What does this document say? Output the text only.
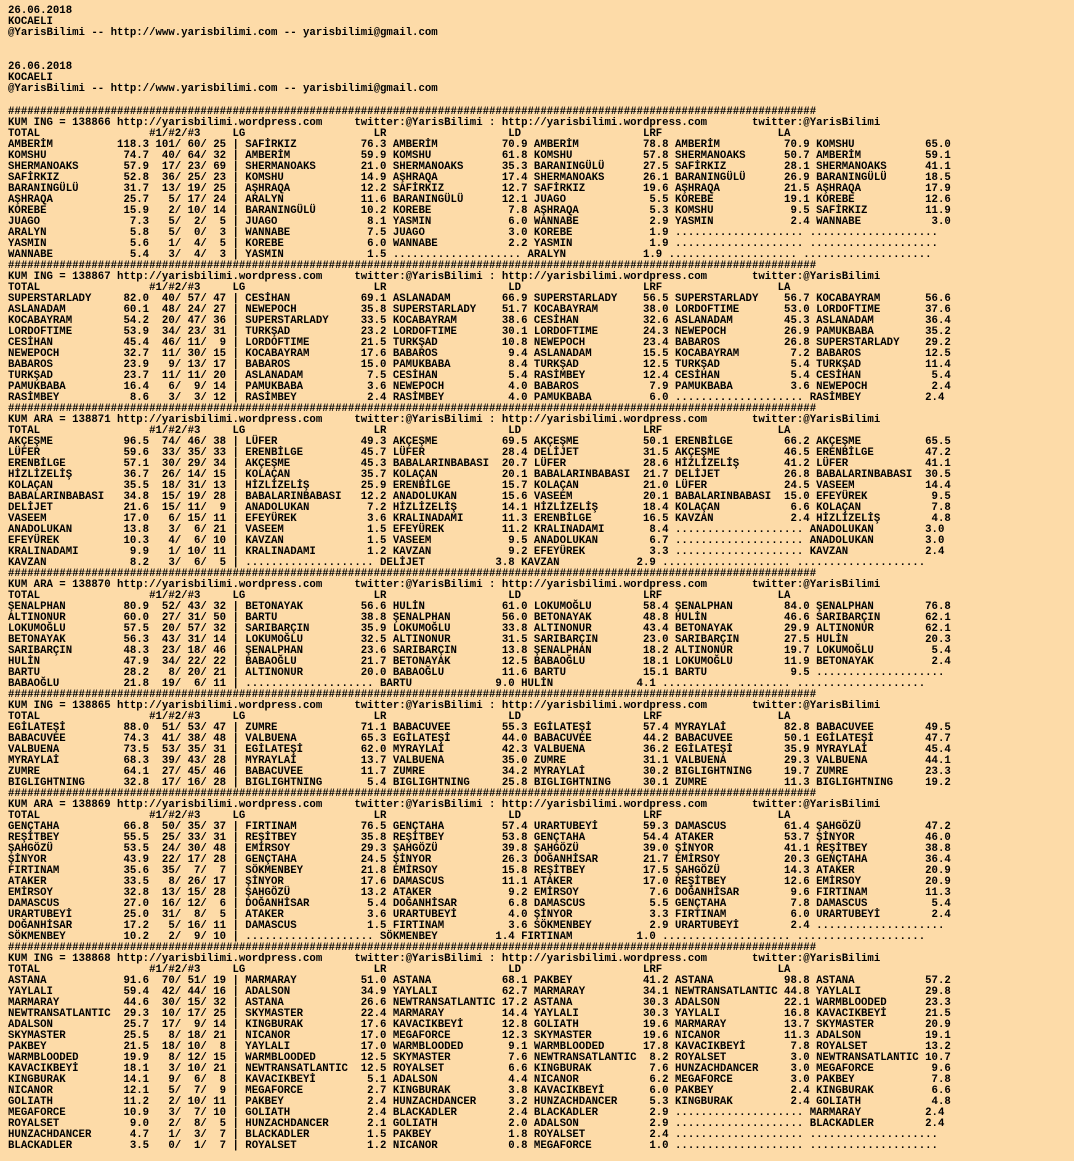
26.06.2018
KOCAELI
@YarisBilimi -- http://www.yarisbilimi.com -- yarisbilimi@gmail.com
26.06.2018
KOCAELI
@YarisBilimi -- http://www.yarisbilimi.com -- yarisbilimi@gmail.com
##############################################################################################################################
KUM ING = 138866 http://yarisbilimi.wordpress.com     twitter:@YarisBilimi : http://yarisbilimi.wordpress.com       twitter:@YarisBilimi
TOTAL                 #1/#2/#3     LG                    LR                   LD                   LRF                  LA
AMBERİM          118.3 101/ 60/ 25 | SAFİRKIZ          76.3 AMBERİM          70.9 AMBERİM          78.8 AMBERİM          70.9 KOMSHU           65.0
KOMSHU            74.7  40/ 64/ 32 | AMBERİM           59.9 KOMSHU           61.8 KOMSHU           57.8 SHERMANOAKS      50.7 AMBERİM          59.1
SHERMANOAKS       57.9  17/ 23/ 69 | SHERMANOAKS       21.0 SHERMANOAKS      35.3 BARANINGÜLÜ      27.5 SAFİRKIZ         28.1 SHERMANOAKS      41.1
SAFİRKIZ          52.8  36/ 25/ 23 | KOMSHU            14.9 AŞHRAQA          17.4 SHERMANOAKS      26.1 BARANINGÜLÜ      26.9 BARANINGÜLÜ      18.5
BARANINGÜLÜ       31.7  13/ 19/ 25 | AŞHRAQA           12.2 SAFİRKIZ         12.7 SAFİRKIZ         19.6 AŞHRAQA          21.5 AŞHRAQA          17.9
AŞHRAQA           25.7   5/ 17/ 24 | ARALYN            11.6 BARANINGÜLÜ      12.1 JUAGO             5.5 KOREBE           19.1 KOREBE           12.6
KOREBE            15.9   2/ 10/ 14 | BARANINGÜLÜ       10.2 KOREBE            7.8 AŞHRAQA           5.3 KOMSHU            9.5 SAFİRKIZ         11.9
JUAGO              7.3   5/  2/  5 | JUAGO              8.1 YASMIN            6.0 WANNABE           2.9 YASMIN            2.4 WANNABE           3.0
ARALYN             5.8   5/  0/  3 | WANNABE            7.5 JUAGO             3.0 KOREBE            1.9 .................... ....................
YASMIN             5.6   1/  4/  5 | KOREBE             6.0 WANNABE           2.2 YASMIN            1.9 .................... ....................
WANNABE            5.4   3/  4/  3 | YASMIN             1.5 .................... ARALYN            1.9 .................... ....................
##############################################################################################################################
KUM ING = 138867 http://yarisbilimi.wordpress.com     twitter:@YarisBilimi : http://yarisbilimi.wordpress.com       twitter:@YarisBilimi
TOTAL                 #1/#2/#3     LG                    LR                   LD                   LRF                  LA
SUPERSTARLADY     82.0  40/ 57/ 47 | CESİHAN           69.1 ASLANADAM        66.9 SUPERSTARLADY    56.5 SUPERSTARLADY    56.7 KOCABAYRAM       56.6
ASLANADAM         60.1  48/ 24/ 27 | NEWEPOCH          35.8 SUPERSTARLADY    51.7 KOCABAYRAM       38.0 LORDOFTIME       53.0 LORDOFTIME       37.6
KOCABAYRAM        54.2  20/ 47/ 36 | SUPERSTARLADY     33.5 KOCABAYRAM       38.6 CESİHAN          32.6 ASLANADAM        45.3 ASLANADAM        36.4
LORDOFTIME        53.9  34/ 23/ 31 | TURKŞAD           23.2 LORDOFTIME       30.1 LORDOFTIME       24.3 NEWEPOCH         26.9 PAMUKBABA        35.2
CESİHAN           45.4  46/ 11/  9 | LORDOFTIME        21.5 TURKŞAD          10.8 NEWEPOCH         23.4 BABAROS          26.8 SUPERSTARLADY    29.2
NEWEPOCH          32.7  11/ 30/ 15 | KOCABAYRAM        17.6 BABAROS           9.4 ASLANADAM        15.5 KOCABAYRAM        7.2 BABAROS          12.5
BABAROS           23.9   9/ 13/ 17 | BABAROS           15.0 PAMUKBABA         8.4 TURKŞAD          12.5 TURKŞAD           5.4 TURKŞAD          11.4
TURKŞAD           23.7  11/ 11/ 20 | ASLANADAM          7.5 CESİHAN           5.4 RASİMBEY         12.4 CESİHAN           5.4 CESİHAN           5.4
PAMUKBABA         16.4   6/  9/ 14 | PAMUKBABA          3.6 NEWEPOCH          4.0 BABAROS           7.9 PAMUKBABA         3.6 NEWEPOCH          2.4
RASİMBEY           8.6   3/  3/ 12 | RASİMBEY           2.4 RASİMBEY          4.0 PAMUKBABA         6.0 .................... RASİMBEY          2.4
##############################################################################################################################
KUM ARA = 138871 http://yarisbilimi.wordpress.com     twitter:@YarisBilimi : http://yarisbilimi.wordpress.com       twitter:@YarisBilimi
TOTAL                 #1/#2/#3     LG                    LR                   LD                   LRF                  LA
AKÇEŞME           96.5  74/ 46/ 38 | LÜFER             49.3 AKÇEŞME          69.5 AKÇEŞME          50.1 ERENBİLGE        66.2 AKÇEŞME          65.5
LÜFER             59.6  33/ 35/ 33 | ERENBİLGE         45.7 LÜFER            28.4 DELİJET          31.5 AKÇEŞME          46.5 ERENBİLGE        47.2
ERENBİLGE         57.1  30/ 29/ 34 | AKÇEŞME           45.3 BABALARINBABASI  20.7 LÜFER            28.6 HİZLİZELİŞ       41.2 LÜFER            41.1
HİZLİZELİŞ        36.7  26/ 14/ 15 | KOLAÇAN           35.7 KOLAÇAN          20.1 BABALARINBABASI  21.7 DELİJET          26.8 BABALARINBABASI  30.5
KOLAÇAN           35.5  18/ 31/ 13 | HİZLİZELİŞ        25.9 ERENBİLGE        15.7 KOLAÇAN          21.0 LÜFER            24.5 VASEEM           14.4
BABALARINBABASI   34.8  15/ 19/ 28 | BABALARINBABASI   12.2 ANADOLUKAN       15.6 VASEEM           20.1 BABALARINBABASI  15.0 EFEYÜREK          9.5
DELİJET           21.6  15/ 11/  9 | ANADOLUKAN         7.2 HİZLİZELİŞ       14.1 HİZLİZELİŞ       18.4 KOLAÇAN           6.6 KOLAÇAN           7.8
VASEEM            17.0   6/ 15/ 11 | EFEYÜREK           3.6 KRALINADAMI      11.3 ERENBİLGE        16.5 KAVZAN            2.4 HİZLİZELİŞ        4.8
ANADOLUKAN        13.8   3/  6/ 21 | VASEEM             1.5 EFEYÜREK         11.2 KRALINADAMI       8.4 .................... ANADOLUKAN        3.0
EFEYÜREK          10.3   4/  6/ 10 | KAVZAN             1.5 VASEEM            9.5 ANADOLUKAN        6.7 .................... ANADOLUKAN        3.0
KRALINADAMI        9.9   1/ 10/ 11 | KRALINADAMI        1.2 KAVZAN            9.2 EFEYÜREK          3.3 .................... KAVZAN            2.4
KAVZAN             8.2   3/  6/  5 | .................... DELİJET           3.8 KAVZAN            2.9 .................... ....................
##############################################################################################################################
KUM ARA = 138870 http://yarisbilimi.wordpress.com     twitter:@YarisBilimi : http://yarisbilimi.wordpress.com       twitter:@YarisBilimi
TOTAL                 #1/#2/#3     LG                    LR                   LD                   LRF                  LA
ŞENALPHAN         80.9  52/ 43/ 32 | BETONAYAK         56.6 HULİN            61.0 LOKUMOĞLU        58.4 ŞENALPHAN        84.0 ŞENALPHAN        76.8
ALTINONUR         60.0  27/ 31/ 50 | BARTU             38.8 ŞENALPHAN        56.0 BETONAYAK        48.8 HULİN            46.6 SARIBARÇIN       62.1
LOKUMOĞLU         57.5  20/ 57/ 32 | SARIBARÇIN        35.9 LOKUMOĞLU        33.8 ALTINONUR        43.4 BETONAYAK        29.9 ALTINONUR        62.1
BETONAYAK         56.3  43/ 31/ 14 | LOKUMOĞLU         32.5 ALTINONUR        31.5 SARIBARÇIN       23.0 SARIBARÇIN       27.5 HULİN            20.3
SARIBARÇIN        48.3  23/ 18/ 46 | ŞENALPHAN         23.6 SARIBARÇIN       13.8 ŞENALPHAN        18.2 ALTINONUR        19.7 LOKUMOĞLU         5.4
HULİN             47.9  34/ 22/ 22 | BABAOĞLU          21.7 BETONAYAK        12.5 BABAOĞLU         18.1 LOKUMOĞLU        11.9 BETONAYAK         2.4
BARTU             28.2   8/ 20/ 21 | ALTINONUR         20.0 BABAOĞLU         11.6 BARTU            15.1 BARTU             9.5 ....................
BABAOĞLU          21.8  19/  6/ 11 | .................... BARTU             9.0 HULİN             4.1 .................... ....................
##############################################################################################################################
KUM ING = 138865 http://yarisbilimi.wordpress.com     twitter:@YarisBilimi : http://yarisbilimi.wordpress.com       twitter:@YarisBilimi
TOTAL                 #1/#2/#3     LG                    LR                   LD                   LRF                  LA
EGİLATEŞİ         88.0  51/ 53/ 47 | ZUMRE             71.1 BABACUVEE        55.3 EGİLATEŞİ        57.4 MYRAYLAİ         82.8 BABACUVEE        49.5
BABACUVEE         74.3  41/ 38/ 48 | VALBUENA          65.3 EGİLATEŞİ        44.0 BABACUVEE        44.2 BABACUVEE        50.1 EGİLATEŞİ        47.7
VALBUENA          73.5  53/ 35/ 31 | EGİLATEŞİ         62.0 MYRAYLAİ         42.3 VALBUENA         36.2 EGİLATEŞİ        35.9 MYRAYLAİ         45.4
MYRAYLAİ          68.3  39/ 43/ 28 | MYRAYLAİ          13.7 VALBUENA         35.0 ZUMRE            31.1 VALBUENA         29.3 VALBUENA         44.1
ZUMRE             64.1  27/ 45/ 46 | BABACUVEE         11.7 ZUMRE            34.2 MYRAYLAİ         30.2 BIGLIGHTNING     19.7 ZUMRE            23.3
BIGLIGHTNING      32.8  17/ 16/ 28 | BIGLIGHTNING       5.4 BIGLIGHTNING     25.8 BIGLIGHTNING     30.1 ZUMRE            11.3 BIGLIGHTNING     19.2
##############################################################################################################################
KUM ARA = 138869 http://yarisbilimi.wordpress.com     twitter:@YarisBilimi : http://yarisbilimi.wordpress.com       twitter:@YarisBilimi
TOTAL                 #1/#2/#3     LG                    LR                   LD                   LRF                  LA
GENÇTAHA          66.8  50/ 35/ 37 | FIRTINAM          76.5 GENÇTAHA         57.4 URARTUBEYİ       59.3 DAMASCUS         61.4 ŞAHGÖZÜ          47.2
REŞİTBEY          55.5  25/ 33/ 31 | REŞİTBEY          35.8 REŞİTBEY         53.8 GENÇTAHA         54.4 ATAKER           53.7 ŞİNYOR           46.0
ŞAHGÖZÜ           53.5  24/ 30/ 48 | EMİRSOY           29.3 ŞAHGÖZÜ          39.8 ŞAHGÖZÜ          39.0 ŞİNYOR           41.1 REŞİTBEY         38.8
ŞİNYOR            43.9  22/ 17/ 28 | GENÇTAHA          24.5 ŞİNYOR           26.3 DOĞANHİSAR       21.7 EMİRSOY          20.3 GENÇTAHA         36.4
FIRTINAM          35.6  35/  7/  7 | SÖKMENBEY         21.8 EMİRSOY          15.8 REŞİTBEY         17.5 ŞAHGÖZÜ          14.3 ATAKER           20.9
ATAKER            33.5   8/ 26/ 17 | ŞİNYOR            17.6 DAMASCUS         11.1 ATAKER           17.0 REŞİTBEY         12.6 EMİRSOY          20.9
EMİRSOY           32.8  13/ 15/ 28 | ŞAHGÖZÜ           13.2 ATAKER            9.2 EMİRSOY           7.6 DOĞANHİSAR        9.6 FIRTINAM         11.3
DAMASCUS          27.0  16/ 12/  6 | DOĞANHİSAR         5.4 DOĞANHİSAR        6.8 DAMASCUS          5.5 GENÇTAHA          7.8 DAMASCUS          5.4
URARTUBEYİ        25.0  31/  8/  5 | ATAKER             3.6 URARTUBEYİ        4.0 ŞİNYOR            3.3 FIRTINAM          6.0 URARTUBEYİ        2.4
DOĞANHİSAR        17.2   5/ 16/ 11 | DAMASCUS           1.5 FIRTINAM          3.6 SÖKMENBEY         2.9 URARTUBEYİ        2.4 ....................
SÖKMENBEY         10.2   2/  9/ 10 | .................... SÖKMENBEY         1.4 FIRTINAM          1.0 .................... ....................
##############################################################################################################################
KUM ING = 138868 http://yarisbilimi.wordpress.com     twitter:@YarisBilimi : http://yarisbilimi.wordpress.com       twitter:@YarisBilimi
TOTAL                 #1/#2/#3     LG                    LR                   LD                   LRF                  LA
ASTANA            91.6  70/ 51/ 19 | MARMARAY          51.0 ASTANA           68.1 PAKBEY           41.2 ASTANA           98.8 ASTANA           57.2
YAYLALI           59.4  42/ 44/ 16 | ADALSON           34.9 YAYLALI          62.7 MARMARAY         34.1 NEWTRANSATLANTIC 44.8 YAYLALI          29.8
MARMARAY          44.6  30/ 15/ 32 | ASTANA            26.6 NEWTRANSATLANTIC 17.2 ASTANA           30.3 ADALSON          22.1 WARMBLOODED      23.3
NEWTRANSATLANTIC  29.3  10/ 17/ 25 | SKYMASTER         22.4 MARMARAY         14.4 YAYLALI          30.3 YAYLALI          16.8 KAVACIKBEYİ      21.5
ADALSON           25.7  17/  9/ 14 | KINGBURAK         17.6 KAVACIKBEYİ      12.8 GOLIATH          19.6 MARMARAY         13.7 SKYMASTER        20.9
SKYMASTER         25.5   8/ 18/ 21 | NICANOR           17.0 MEGAFORCE        12.3 SKYMASTER        19.6 NICANOR          11.3 ADALSON          19.1
PAKBEY            21.5  18/ 10/  8 | YAYLALI           17.0 WARMBLOODED       9.1 WARMBLOODED      17.8 KAVACIKBEYİ       7.8 ROYALSET         13.2
WARMBLOODED       19.9   8/ 12/ 15 | WARMBLOODED       12.5 SKYMASTER         7.6 NEWTRANSATLANTIC  8.2 ROYALSET          3.0 NEWTRANSATLANTIC 10.7
KAVACIKBEYİ       18.1   3/ 10/ 21 | NEWTRANSATLANTIC  12.5 ROYALSET          6.6 KINGBURAK         7.6 HUNZACHDANCER     3.0 MEGAFORCE         9.6
KINGBURAK         14.1   9/  6/  8 | KAVACIKBEYİ        5.1 ADALSON           4.4 NICANOR           6.2 MEGAFORCE         3.0 PAKBEY            7.8
NICANOR           12.1   5/  7/  9 | MEGAFORCE          2.7 KINGBURAK         3.8 KAVACIKBEYİ       6.0 PAKBEY            2.4 KINGBURAK         6.6
GOLIATH           11.2   2/ 10/ 11 | PAKBEY             2.4 HUNZACHDANCER     3.2 HUNZACHDANCER     5.3 KINGBURAK         2.4 GOLIATH           4.8
MEGAFORCE         10.9   3/  7/ 10 | GOLIATH            2.4 BLACKADLER        2.4 BLACKADLER        2.9 .................... MARMARAY          2.4
ROYALSET           9.0   2/  8/  5 | HUNZACHDANCER      2.1 GOLIATH           2.0 ADALSON           2.9 .................... BLACKADLER        2.4
HUNZACHDANCER      4.7   1/  3/  7 | BLACKADLER         1.5 PAKBEY            1.8 ROYALSET          2.4 .................... ....................
BLACKADLER         3.5   0/  1/  7 | ROYALSET           1.2 NICANOR           0.8 MEGAFORCE         1.0 .................... ....................
